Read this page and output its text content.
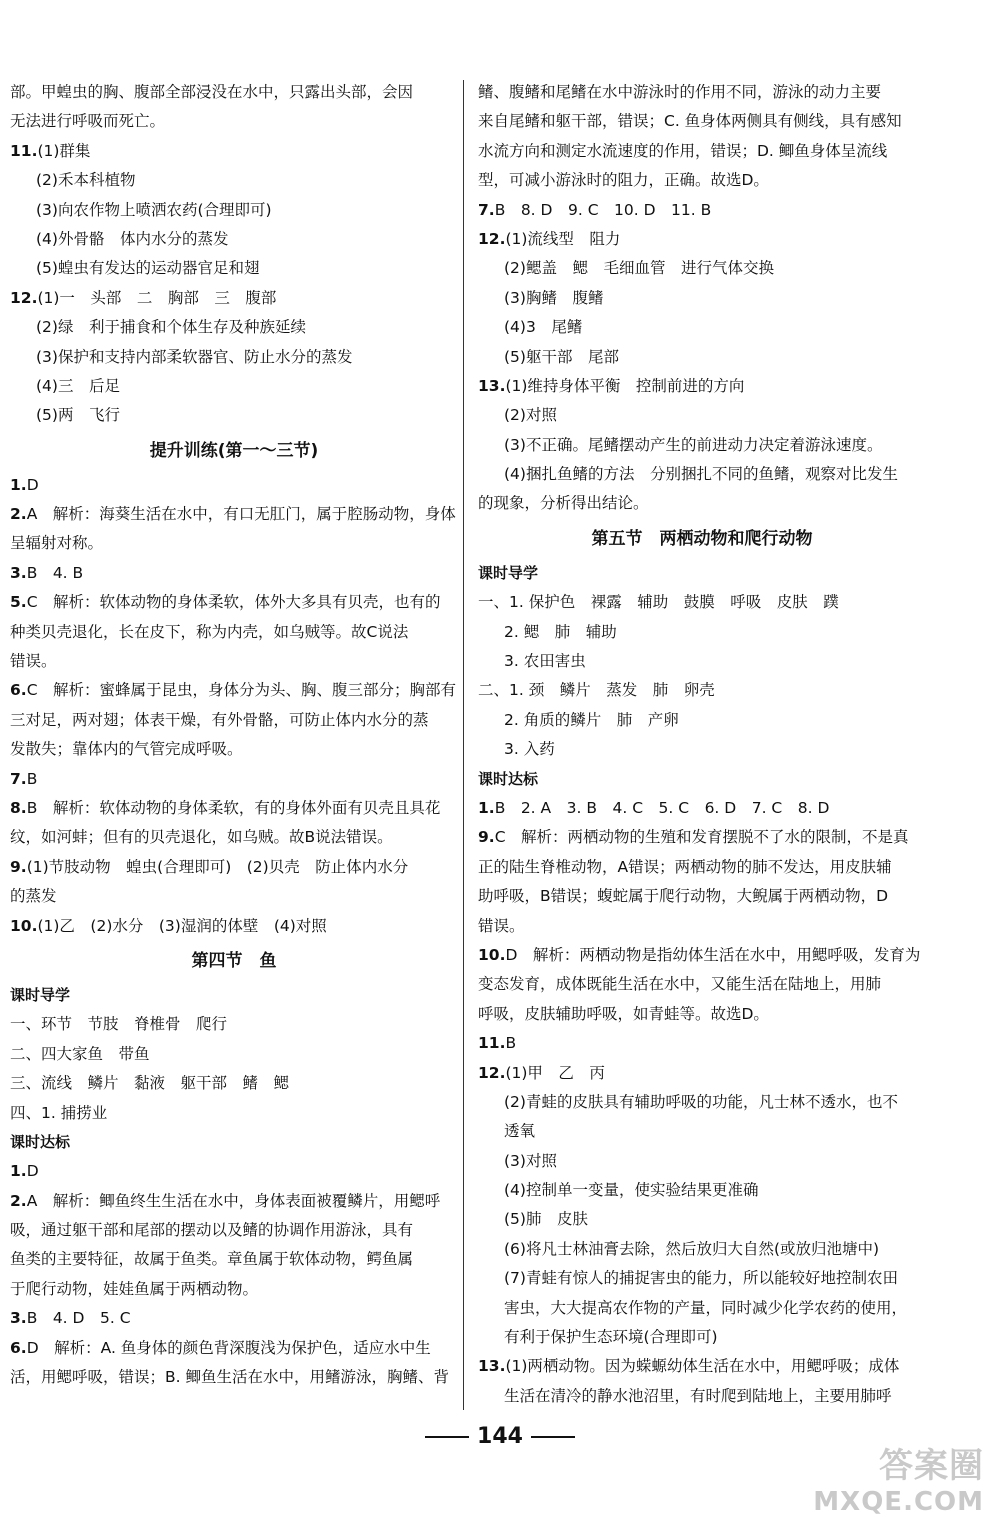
部。甲蝗虫的胸、腹部全部浸没在水中，只露出头部，会因
无法进行呼吸而死亡。
11.(1)群集
(2)禾本科植物
(3)向农作物上喷洒农药(合理即可)
(4)外骨骼　体内水分的蒸发
(5)蝗虫有发达的运动器官足和翅
12.(1)一　头部　二　胸部　三　腹部
(2)绿　利于捕食和个体生存及种族延续
(3)保护和支持内部柔软器官、防止水分的蒸发
(4)三　后足
(5)两　飞行
提升训练(第一～三节)
1.D
2.A　解析：海葵生活在水中，有口无肛门，属于腔肠动物，身体
呈辐射对称。
3.B　4. B
5.C　解析：软体动物的身体柔软，体外大多具有贝壳，也有的
种类贝壳退化，长在皮下，称为内壳，如乌贼等。故C说法
错误。
6.C　解析：蜜蜂属于昆虫，身体分为头、胸、腹三部分；胸部有
三对足，两对翅；体表干燥，有外骨骼，可防止体内水分的蒸
发散失；靠体内的气管完成呼吸。
7.B
8.B　解析：软体动物的身体柔软，有的身体外面有贝壳且具花
纹，如河蚌；但有的贝壳退化，如乌贼。故B说法错误。
9.(1)节肢动物　蝗虫(合理即可)　(2)贝壳　防止体内水分
的蒸发
10.(1)乙　(2)水分　(3)湿润的体壁　(4)对照
第四节　鱼
课时导学
一、环节　节肢　脊椎骨　爬行
二、四大家鱼　带鱼
三、流线　鳞片　黏液　躯干部　鳍　鳃
四、1. 捕捞业
课时达标
1.D
2.A　解析：鲫鱼终生生活在水中，身体表面被覆鳞片，用鳃呼
吸，通过躯干部和尾部的摆动以及鳍的协调作用游泳，具有
鱼类的主要特征，故属于鱼类。章鱼属于软体动物，鳄鱼属
于爬行动物，娃娃鱼属于两栖动物。
3.B　4. D　5. C
6.D　解析：A. 鱼身体的颜色背深腹浅为保护色，适应水中生
活，用鳃呼吸，错误；B. 鲫鱼生活在水中，用鳍游泳，胸鳍、背
鳍、腹鳍和尾鳍在水中游泳时的作用不同，游泳的动力主要
来自尾鳍和躯干部，错误；C. 鱼身体两侧具有侧线，具有感知
水流方向和测定水流速度的作用，错误；D. 鲫鱼身体呈流线
型，可减小游泳时的阻力，正确。故选D。
7.B　8. D　9. C　10. D　11. B
12.(1)流线型　阻力
(2)鳃盖　鳃　毛细血管　进行气体交换
(3)胸鳍　腹鳍
(4)3　尾鳍
(5)躯干部　尾部
13.(1)维持身体平衡　控制前进的方向
(2)对照
(3)不正确。尾鳍摆动产生的前进动力决定着游泳速度。
(4)捆扎鱼鳍的方法　分别捆扎不同的鱼鳍，观察对比发生
的现象，分析得出结论。
第五节　两栖动物和爬行动物
课时导学
一、1. 保护色　裸露　辅助　鼓膜　呼吸　皮肤　蹼
2. 鳃　肺　辅助
3. 农田害虫
二、1. 颈　鳞片　蒸发　肺　卵壳
2. 角质的鳞片　肺　产卵
3. 入药
课时达标
1.B　2. A　3. B　4. C　5. C　6. D　7. C　8. D
9.C　解析：两栖动物的生殖和发育摆脱不了水的限制，不是真
正的陆生脊椎动物，A错误；两栖动物的肺不发达，用皮肤辅
助呼吸，B错误；蝮蛇属于爬行动物，大鲵属于两栖动物，D
错误。
10.D　解析：两栖动物是指幼体生活在水中，用鳃呼吸，发育为
变态发育，成体既能生活在水中，又能生活在陆地上，用肺
呼吸，皮肤辅助呼吸，如青蛙等。故选D。
11.B
12.(1)甲　乙　丙
(2)青蛙的皮肤具有辅助呼吸的功能，凡士林不透水，也不
透氧
(3)对照
(4)控制单一变量，使实验结果更准确
(5)肺　皮肤
(6)将凡士林油膏去除，然后放归大自然(或放归池塘中)
(7)青蛙有惊人的捕捉害虫的能力，所以能较好地控制农田
害虫，大大提高农作物的产量，同时减少化学农药的使用，
有利于保护生态环境(合理即可)
13.(1)两栖动物。因为蝾螈幼体生活在水中，用鳃呼吸；成体
生活在清冷的静水池沼里，有时爬到陆地上，主要用肺呼
144
答案圈
MXQE.COM
